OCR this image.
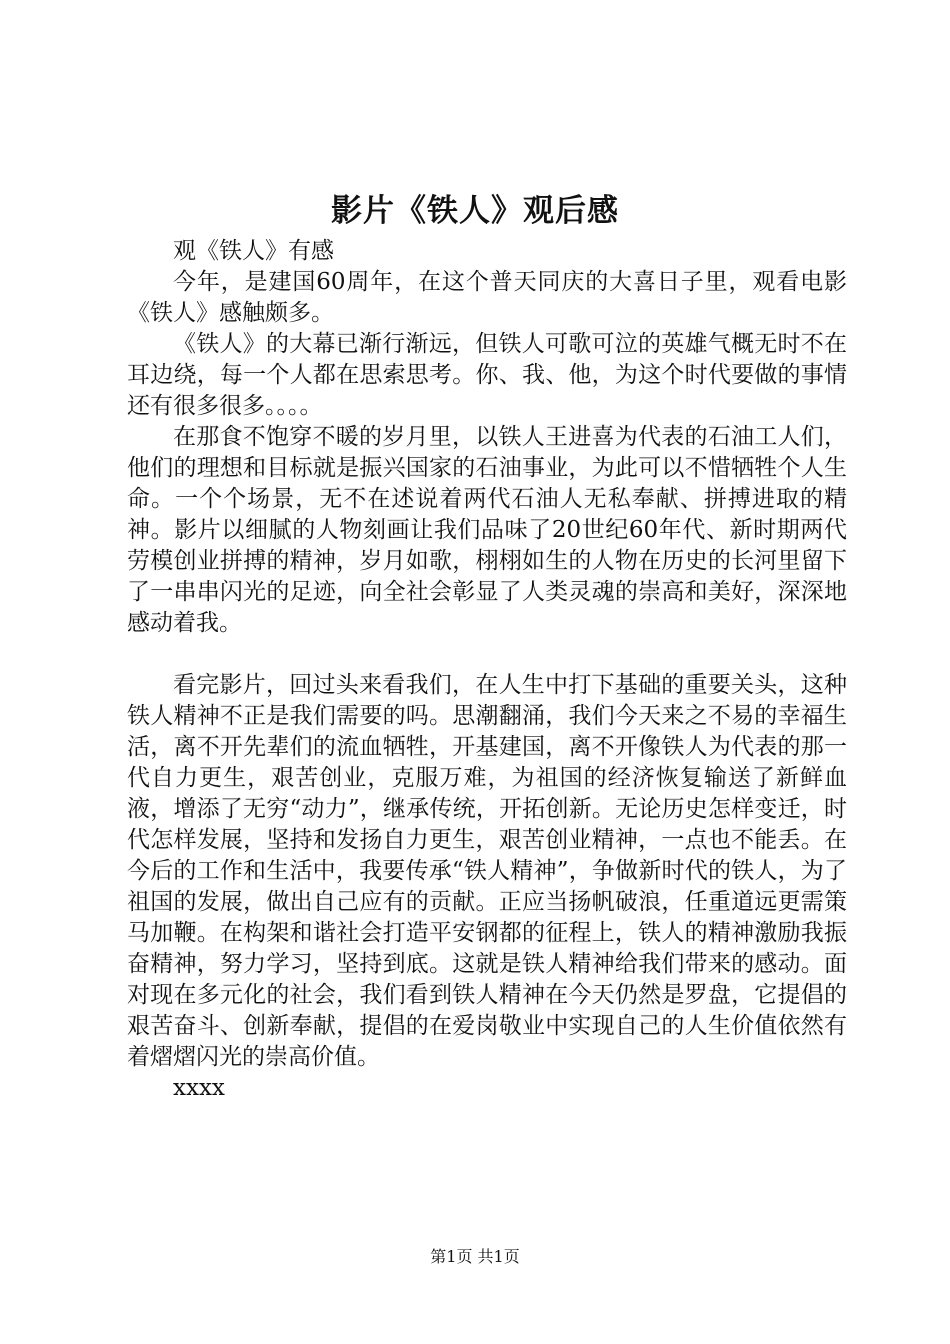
影片《铁人》观后感

观《铁人》有感

今年，是建国60周年，在这个普天同庆的大喜日子里，观看电影《铁人》感触颇多。

《铁人》的大幕已渐行渐远，但铁人可歌可泣的英雄气概无时不在耳边绕，每一个人都在思索思考。你、我、他，为这个时代要做的事情还有很多很多。。。。

在那食不饱穿不暖的岁月里，以铁人王进喜为代表的石油工人们，他们的理想和目标就是振兴国家的石油事业，为此可以不惜牺牲个人生命。一个个场景，无不在述说着两代石油人无私奉献、拼搏进取的精神。影片以细腻的人物刻画让我们品味了20世纪60年代、新时期两代劳模创业拼搏的精神，岁月如歌，栩栩如生的人物在历史的长河里留下了一串串闪光的足迹，向全社会彰显了人类灵魂的崇高和美好，深深地感动着我。

看完影片，回过头来看我们，在人生中打下基础的重要关头，这种铁人精神不正是我们需要的吗。思潮翻涌，我们今天来之不易的幸福生活，离不开先辈们的流血牺牲，开基建国，离不开像铁人为代表的那一代自力更生，艰苦创业，克服万难，为祖国的经济恢复输送了新鲜血液，增添了无穷“动力”，继承传统，开拓创新。无论历史怎样变迁，时代怎样发展，坚持和发扬自力更生，艰苦创业精神，一点也不能丢。在今后的工作和生活中，我要传承“铁人精神”，争做新时代的铁人，为了祖国的发展，做出自己应有的贡献。正应当扬帆破浪，任重道远更需策马加鞭。在构架和谐社会打造平安钢都的征程上，铁人的精神激励我振奋精神，努力学习，坚持到底。这就是铁人精神给我们带来的感动。面对现在多元化的社会，我们看到铁人精神在今天仍然是罗盘，它提倡的艰苦奋斗、创新奉献，提倡的在爱岗敬业中实现自己的人生价值依然有着熠熠闪光的崇高价值。

xxxx

第1页 共1页
